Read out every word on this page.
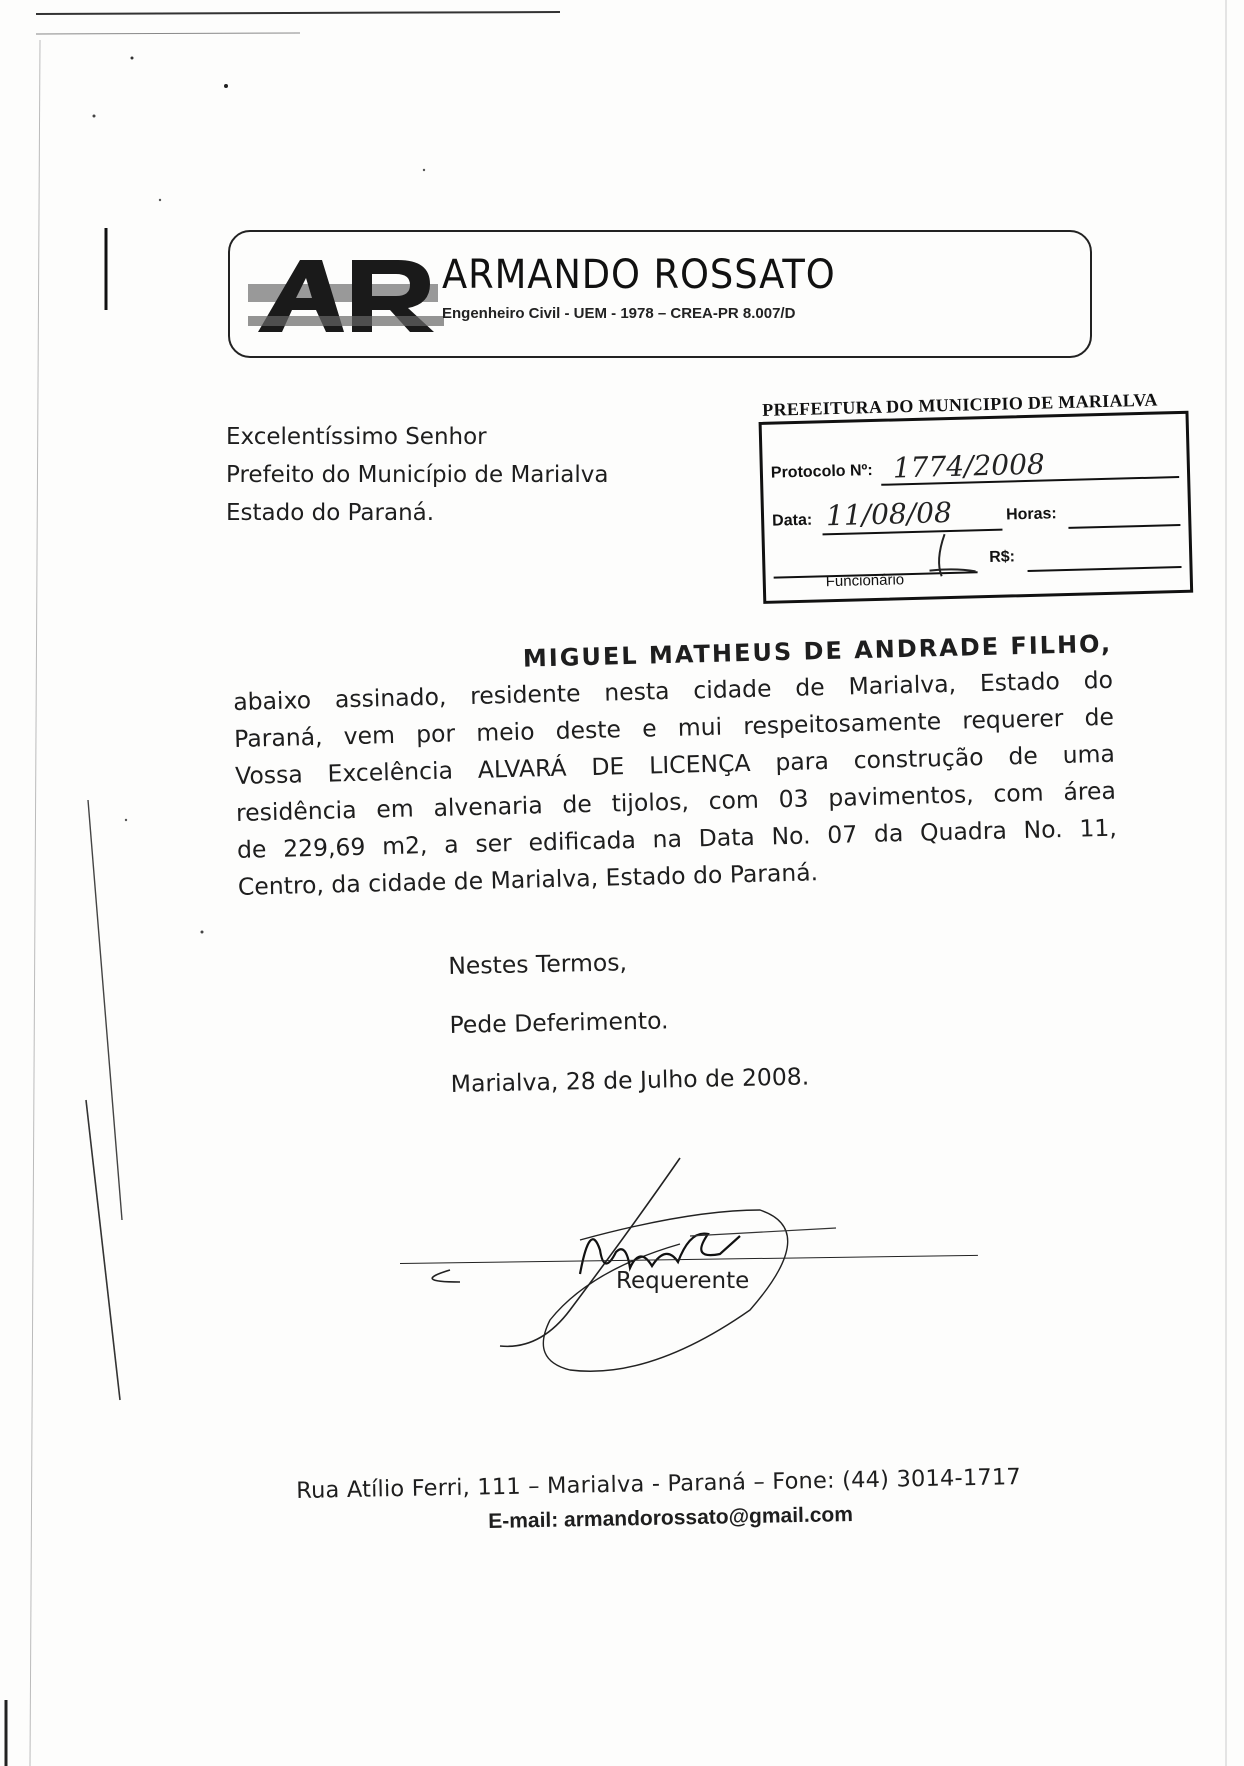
ARMANDO ROSSATO
Engenheiro Civil - UEM - 1978 – CREA-PR 8.007/D
Excelentíssimo Senhor
Prefeito do Município de Marialva
Estado do Paraná.
PREFEITURA DO MUNICIPIO DE MARIALVA
Protocolo Nº: 1774/2008
Data: 11/08/08	Horas:
R$:
Funcionário
MIGUEL MATHEUS DE ANDRADE FILHO,
abaixo assinado, residente nesta cidade de Marialva, Estado do
Paraná, vem por meio deste e mui respeitosamente requerer de
Vossa Excelência ALVARÁ DE LICENÇA para construção de uma
residência em alvenaria de tijolos, com 03 pavimentos, com área
de 229,69 m2, a ser edificada na Data No. 07 da Quadra No. 11,
Centro, da cidade de Marialva, Estado do Paraná.
Nestes Termos,
Pede Deferimento.
Marialva, 28 de Julho de 2008.
Requerente
Rua Atílio Ferri, 111 – Marialva - Paraná – Fone: (44) 3014-1717
E-mail: armandorossato@gmail.com
